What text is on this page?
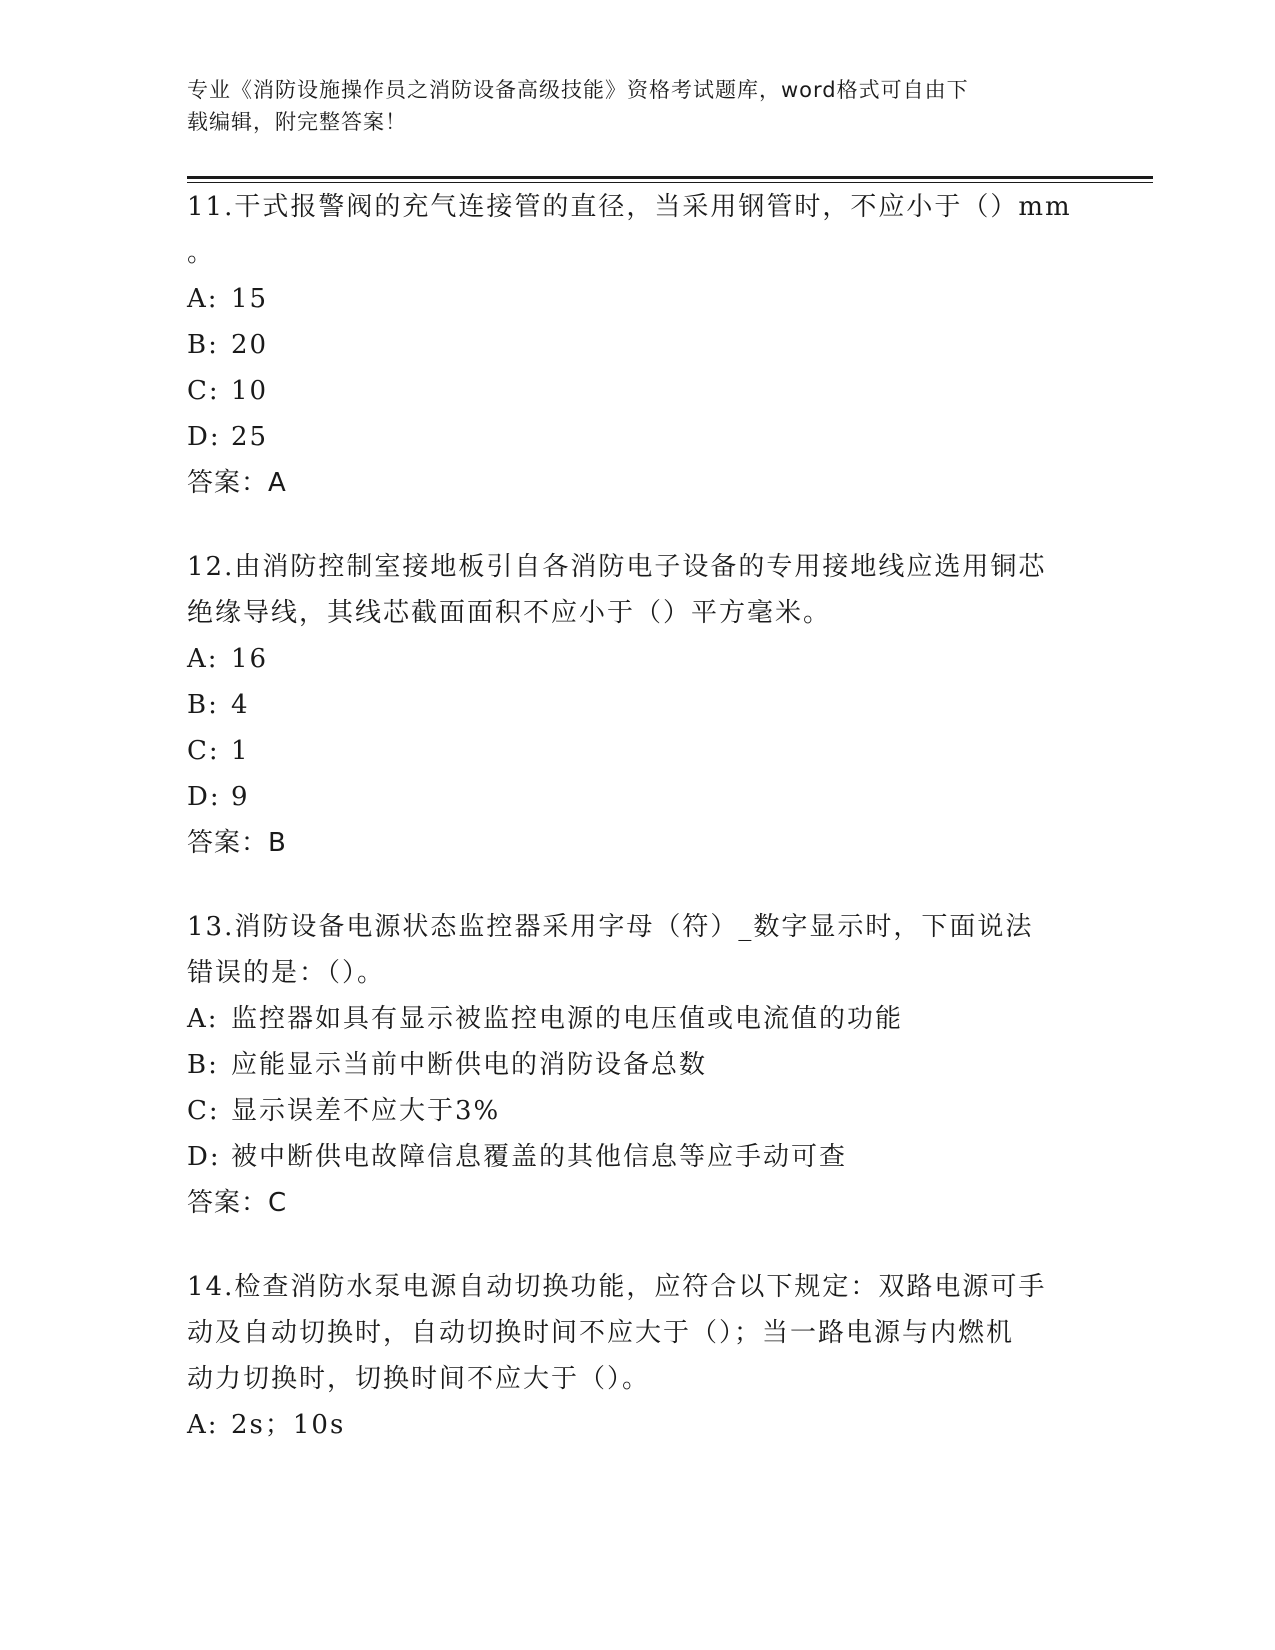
专业《消防设施操作员之消防设备高级技能》资格考试题库，word格式可自由下
载编辑，附完整答案！

11.干式报警阀的充气连接管的直径，当采用钢管时，不应小于（）mm

。

A: 15

B: 20

C: 10

D: 25

答案：A

12.由消防控制室接地板引自各消防电子设备的专用接地线应选用铜芯

绝缘导线，其线芯截面面积不应小于（）平方毫米。

A: 16

B: 4

C: 1

D: 9

答案：B

13.消防设备电源状态监控器采用字母（符）_数字显示时，下面说法

错误的是：（）。

A: 监控器如具有显示被监控电源的电压值或电流值的功能

B: 应能显示当前中断供电的消防设备总数

C: 显示误差不应大于3%

D: 被中断供电故障信息覆盖的其他信息等应手动可查

答案：C

14.检查消防水泵电源自动切换功能，应符合以下规定：双路电源可手

动及自动切换时，自动切换时间不应大于（）；当一路电源与内燃机

动力切换时，切换时间不应大于（）。

A: 2s；10s
